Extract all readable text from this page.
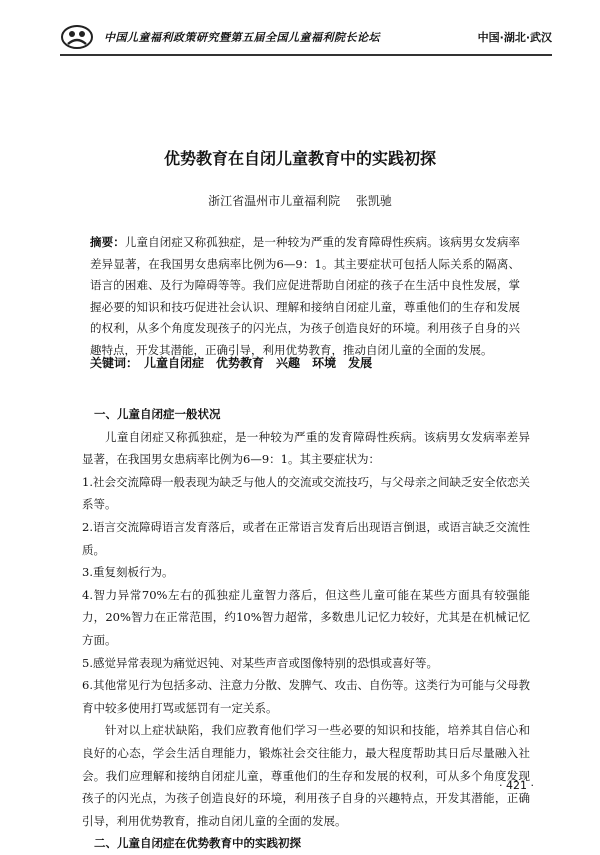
中国儿童福利政策研究暨第五届全国儿童福利院长论坛	中国·湖北·武汉
优势教育在自闭儿童教育中的实践初探
浙江省温州市儿童福利院 张凯驰
摘要：儿童自闭症又称孤独症，是一种较为严重的发育障碍性疾病。该病男女发病率差异显著，在我国男女患病率比例为6—9：1。其主要症状可包括人际关系的隔离、语言的困难、及行为障碍等等。我们应促进帮助自闭症的孩子在生活中良性发展，掌握必要的知识和技巧促进社会认识、理解和接纳自闭症儿童，尊重他们的生存和发展的权利，从多个角度发现孩子的闪光点，为孩子创造良好的环境。利用孩子自身的兴趣特点，开发其潜能，正确引导，利用优势教育，推动自闭儿童的全面的发展。
关键词： 儿童自闭症 优势教育 兴趣 环境 发展

一、儿童自闭症一般状况

儿童自闭症又称孤独症，是一种较为严重的发育障碍性疾病。该病男女发病率差异显著，在我国男女患病率比例为6—9：1。其主要症状为：

1.社会交流障碍一般表现为缺乏与他人的交流或交流技巧，与父母亲之间缺乏安全依恋关系等。

2.语言交流障碍语言发育落后，或者在正常语言发育后出现语言倒退，或语言缺乏交流性质。

3.重复刻板行为。

4.智力异常70%左右的孤独症儿童智力落后，但这些儿童可能在某些方面具有较强能力，20%智力在正常范围，约10%智力超常，多数患儿记忆力较好，尤其是在机械记忆方面。

5.感觉异常表现为痛觉迟钝、对某些声音或图像特别的恐惧或喜好等。

6.其他常见行为包括多动、注意力分散、发脾气、攻击、自伤等。这类行为可能与父母教育中较多使用打骂或惩罚有一定关系。

针对以上症状缺陷，我们应教育他们学习一些必要的知识和技能，培养其自信心和良好的心态，学会生活自理能力，锻炼社会交往能力，最大程度帮助其日后尽量融入社会。我们应理解和接纳自闭症儿童，尊重他们的生存和发展的权利，可从多个角度发现孩子的闪光点，为孩子创造良好的环境，利用孩子自身的兴趣特点，开发其潜能，正确引导，利用优势教育，推动自闭儿童的全面的发展。

二、儿童自闭症在优势教育中的实践初探

· 421 ·
